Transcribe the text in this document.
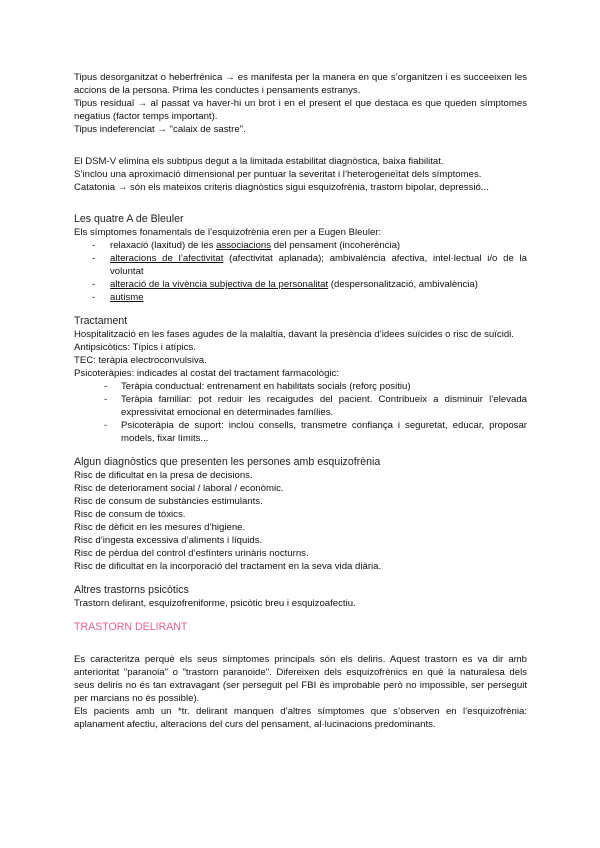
Tipus desorganitzat o heberfrènica → es manifesta per la manera en que s’organitzen i es succeeixen les accions de la persona. Prima les conductes i pensaments estranys.

Tipus residual → al passat va haver-hi un brot i en el present el que destaca es que queden símptomes negatius (factor temps important).

Tipus indeferenciat → "calaix de sastre".

El DSM-V elimina els subtipus degut a la limitada estabilitat diagnòstica, baixa fiabilitat.

S’inclou una aproximació dimensional per puntuar la severitat i l’heterogeneïtat dels símptomes.

Catatonia → són els mateixos criteris diagnòstics sigui esquizofrènia, trastorn bipolar, depressió...

Les quatre A de Bleuler

Els símptomes fonamentals de l’esquizofrènia eren per a Eugen Bleuler:

- relaxació (laxitud) de les associacions del pensament (incoherència)
- alteracions de l’afectivitat (afectivitat aplanada); ambivalència afectiva, intel·lectual i/o de la voluntat
- alteració de la vivència subjectiva de la personalitat (despersonalització, ambivalència)
- autisme

Tractament

Hospitalització en les fases agudes de la malaltia, davant la presència d’idees suïcides o risc de suïcidi.

Antipsicòtics: Típics i atípics.

TEC: teràpia electroconvulsiva.

Psicoteràpies: indicades al costat del tractament farmacològic:

- Teràpia conductual: entrenament en habilitats socials (reforç positiu)
- Teràpia familiar: pot reduir les recaigudes del pacient. Contribueix a disminuir l’elevada expressivitat emocional en determinades famílies.
- Psicoteràpia de suport: inclou consells, transmetre confiança i seguretat, educar, proposar models, fixar límits...

Algun diagnòstics que presenten les persones amb esquizofrènia

Risc de dificultat en la presa de decisions.

Risc de deteriorament social / laboral / econòmic.

Risc de consum de substàncies estimulants.

Risc de consum de tòxics.

Risc de dèficit en les mesures d’higiene.

Risc d’ingesta excessiva d’aliments i líquids.

Risc de pèrdua del control d’esfínters urinàris nocturns.

Risc de dificultat en la incorporació del tractament en la seva vida diària.

Altres trastorns psicòtics

Trastorn delirant, esquizofreniforme, psicòtic breu i esquizoafectiu.

TRASTORN DELIRANT

Es caracteritza perquè els seus símptomes principals són els deliris. Aquest trastorn es va dir amb anterioritat "paranoia" o "trastorn paranoide". Difereixen dels esquizofrènics en què la naturalesa dels seus deliris no és tan extravagant (ser perseguit pel FBI és improbable però no impossible, ser perseguit per marcians no és possible).

Els pacients amb un *tr. delirant manquen d’altres símptomes que s’observen en l’esquizofrènia: aplanament afectiu, alteracions del curs del pensament, al·lucinacions predominants.
